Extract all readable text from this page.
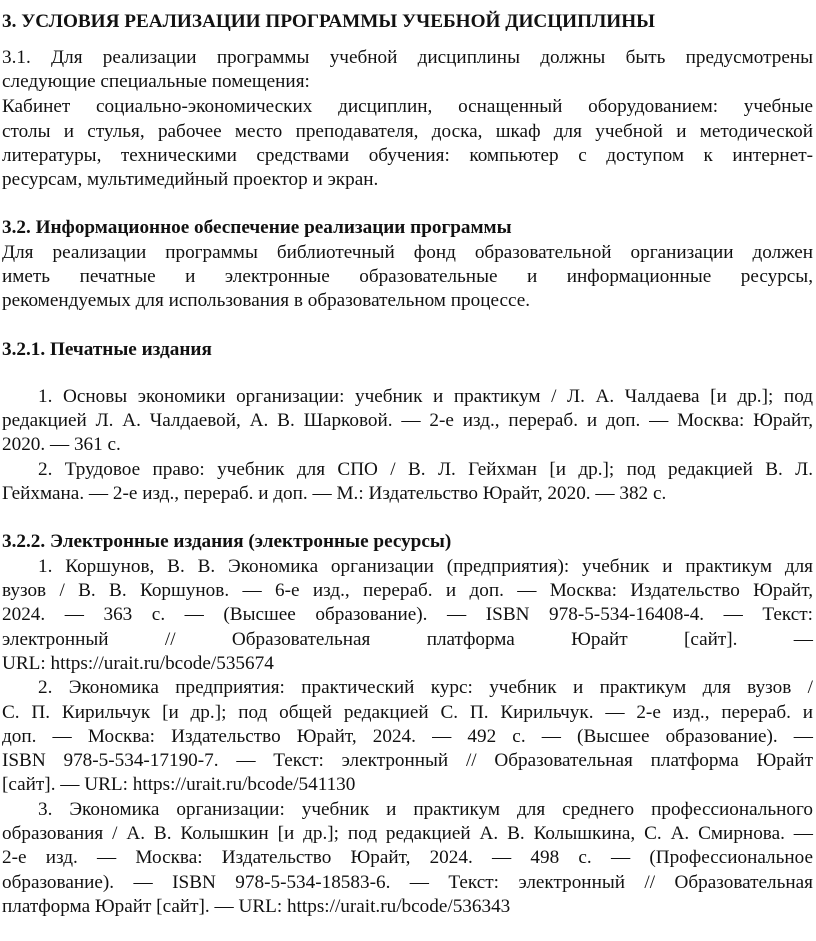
3. УСЛОВИЯ РЕАЛИЗАЦИИ ПРОГРАММЫ УЧЕБНОЙ ДИСЦИПЛИНЫ
3.1. Для реализации программы учебной дисциплины должны быть предусмотрены
следующие специальные помещения:
Кабинет социально-экономических дисциплин, оснащенный оборудованием: учебные
столы и стулья, рабочее место преподавателя, доска, шкаф для учебной и методической
литературы, техническими средствами обучения: компьютер с доступом к интернет-
ресурсам, мультимедийный проектор и экран.
3.2. Информационное обеспечение реализации программы
Для реализации программы библиотечный фонд образовательной организации должен
иметь печатные и электронные образовательные и информационные ресурсы,
рекомендуемых для использования в образовательном процессе.
3.2.1. Печатные издания
1. Основы экономики организации: учебник и практикум / Л. А. Чалдаева [и др.]; под
редакцией Л. А. Чалдаевой, А. В. Шарковой. — 2-е изд., перераб. и доп. — Москва: Юрайт,
2020. — 361 с.
2. Трудовое право: учебник для СПО / В. Л. Гейхман [и др.]; под редакцией В. Л.
Гейхмана. — 2-е изд., перераб. и доп. — М.: Издательство Юрайт, 2020. — 382 с.
3.2.2. Электронные издания (электронные ресурсы)
1. Коршунов, В. В. Экономика организации (предприятия): учебник и практикум для
вузов / В. В. Коршунов. — 6-е изд., перераб. и доп. — Москва: Издательство Юрайт,
2024. — 363 с. — (Высшее образование). — ISBN 978-5-534-16408-4. — Текст:
электронный // Образовательная платформа Юрайт [сайт]. —
URL: https://urait.ru/bcode/535674
2. Экономика предприятия: практический курс: учебник и практикум для вузов /
С. П. Кирильчук [и др.]; под общей редакцией С. П. Кирильчук. — 2-е изд., перераб. и
доп. — Москва: Издательство Юрайт, 2024. — 492 с. — (Высшее образование). —
ISBN 978-5-534-17190-7. — Текст: электронный // Образовательная платформа Юрайт
[сайт]. — URL: https://urait.ru/bcode/541130
3. Экономика организации: учебник и практикум для среднего профессионального
образования / А. В. Колышкин [и др.]; под редакцией А. В. Колышкина, С. А. Смирнова. —
2-е изд. — Москва: Издательство Юрайт, 2024. — 498 с. — (Профессиональное
образование). — ISBN 978-5-534-18583-6. — Текст: электронный // Образовательная
платформа Юрайт [сайт]. — URL: https://urait.ru/bcode/536343
